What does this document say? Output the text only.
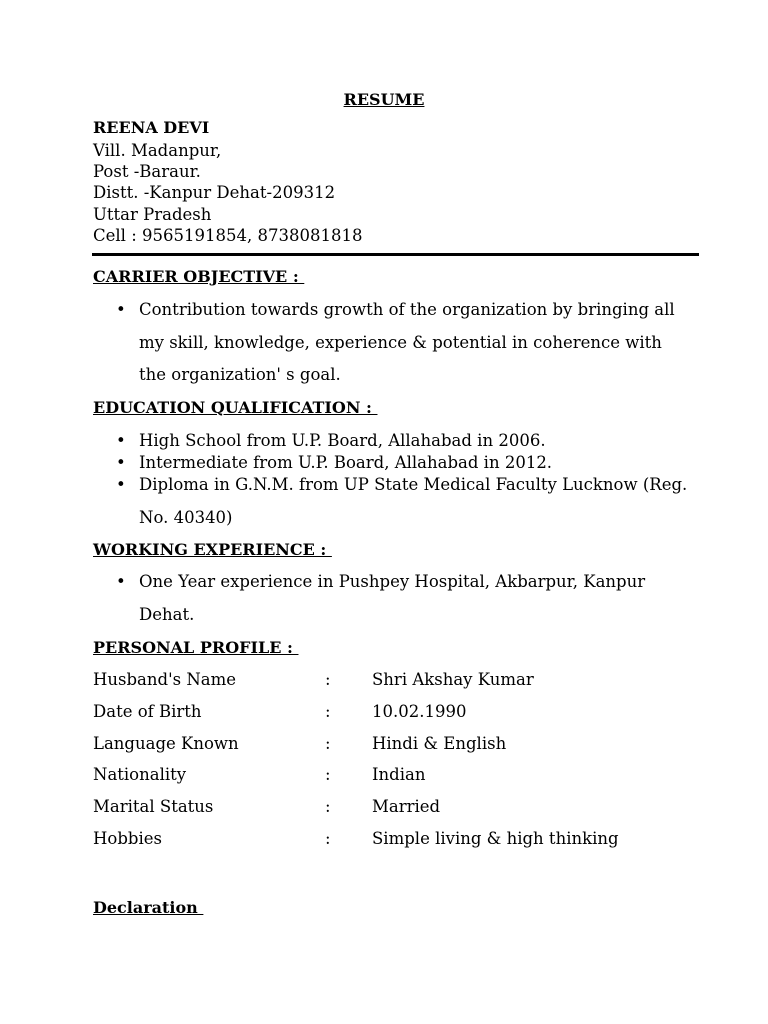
RESUME
REENA DEVI
Vill. Madanpur,
Post -Baraur.
Distt. -Kanpur Dehat-209312
Uttar Pradesh
Cell : 9565191854, 8738081818
CARRIER OBJECTIVE :
• Contribution towards growth of the organization by bringing all my skill, knowledge, experience & potential in coherence with the organization' s goal.
EDUCATION QUALIFICATION :
• High School from U.P. Board, Allahabad in 2006.
• Intermediate from U.P. Board, Allahabad in 2012.
• Diploma in G.N.M. from UP State Medical Faculty Lucknow (Reg. No. 40340)
WORKING EXPERIENCE :
• One Year experience in Pushpey Hospital, Akbarpur, Kanpur Dehat.
PERSONAL PROFILE :
Husband's Name	:	Shri Akshay Kumar
Date of Birth	:	10.02.1990
Language Known	:	Hindi & English
Nationality	:	Indian
Marital Status	:	Married
Hobbies	:	Simple living & high thinking
Declaration
